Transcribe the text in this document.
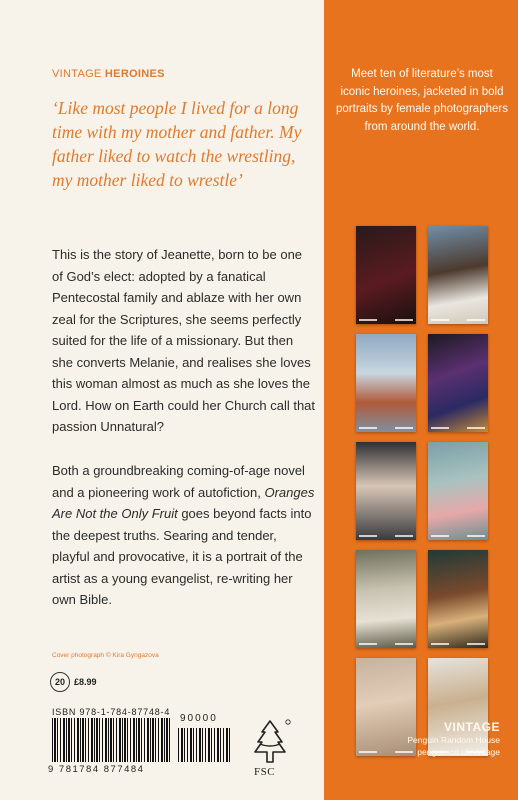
VINTAGE HEROINES
‘Like most people I lived for a long time with my mother and father. My father liked to watch the wrestling, my mother liked to wrestle’
This is the story of Jeanette, born to be one of God’s elect: adopted by a fanatical Pentecostal family and ablaze with her own zeal for the Scriptures, she seems perfectly suited for the life of a missionary. But then she converts Melanie, and realises she loves this woman almost as much as she loves the Lord. How on Earth could her Church call that passion Unnatural?
Both a groundbreaking coming-of-age novel and a pioneering work of autofiction, Oranges Are Not the Only Fruit goes beyond facts into the deepest truths. Searing and tender, playful and provocative, it is a portrait of the artist as a young evangelist, re-writing her own Bible.
Cover photograph © Kira Gyngazova
20	£8.99
ISBN 978-1-784-87748-4
90000
9 781784 877484	FSC
Meet ten of literature’s most iconic heroines, jacketed in bold portraits by female photographers from around the world.
VINTAGE
Penguin Random House
penguin.co.uk/vintage
